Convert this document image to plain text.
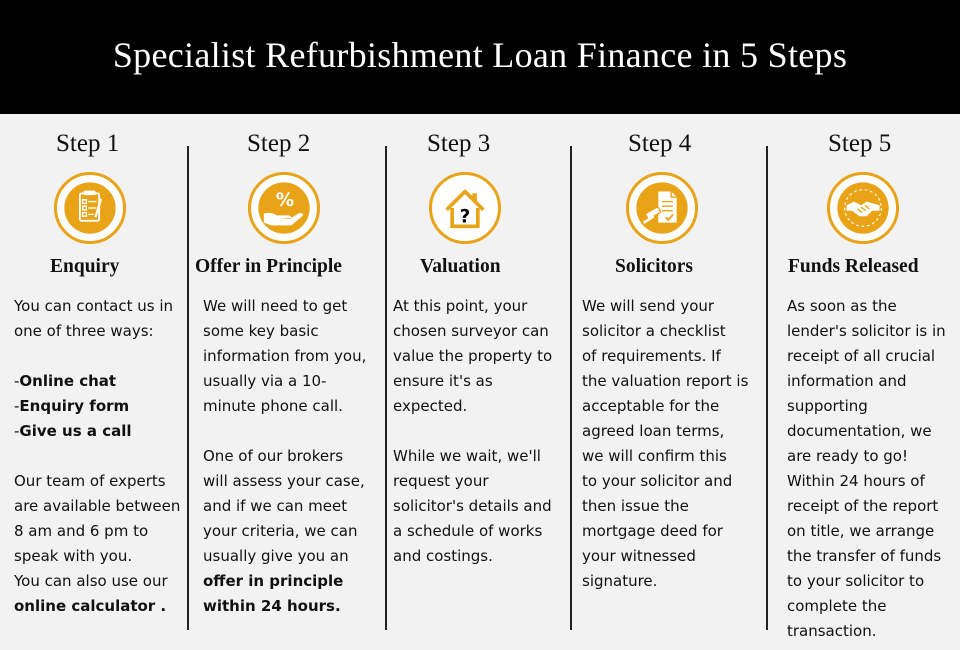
Specialist Refurbishment Loan Finance in 5 Steps
Step 1
Enquiry

You can contact us in

one of three ways:

-Online chat

-Enquiry form

-Give us a call

Our team of experts

are available between

8 am and 6 pm to

speak with you.

You can also use our

online calculator .

Step 2
%
Offer in Principle

We will need to get

some key basic

information from you,

usually via a 10-

minute phone call.

One of our brokers

will assess your case,

and if we can meet

your criteria, we can

usually give you an

offer in principle

within 24 hours.

Step 3
?
Valuation

At this point, your

chosen surveyor can

value the property to

ensure it's as

expected.

While we wait, we'll

request your

solicitor's details and

a schedule of works

and costings.

Step 4
Solicitors

We will send your

solicitor a checklist

of requirements. If

the valuation report is

acceptable for the

agreed loan terms,

we will confirm this

to your solicitor and

then issue the

mortgage deed for

your witnessed

signature.

Step 5
Funds Released

As soon as the

lender's solicitor is in

receipt of all crucial

information and

supporting

documentation, we

are ready to go!

Within 24 hours of

receipt of the report

on title, we arrange

the transfer of funds

to your solicitor to

complete the

transaction.
